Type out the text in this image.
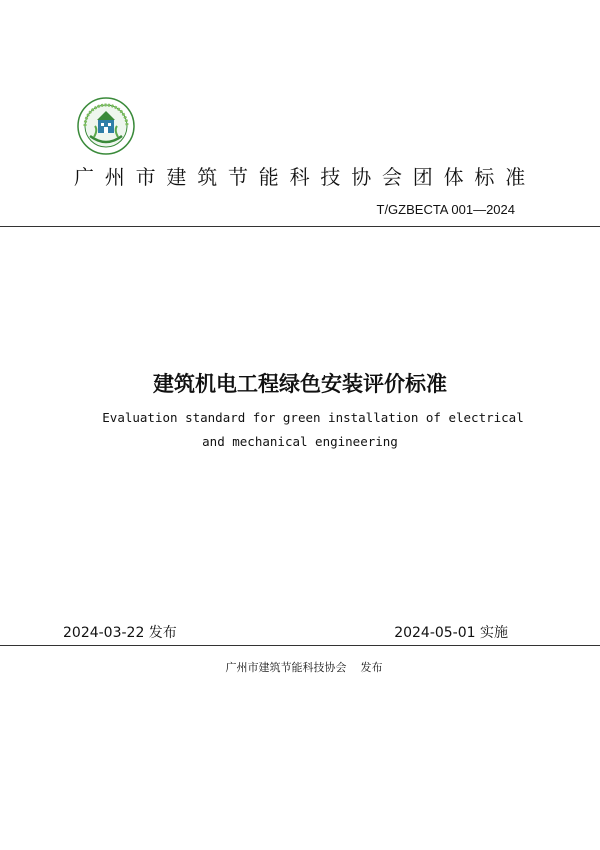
广州市建筑节能科技协会团体标准
T/GZBECTA 001—2024
建筑机电工程绿色安装评价标准
Evaluation standard for green installation of electrical
and mechanical engineering
2024-03-22 发布	2024-05-01 实施
广州市建筑节能科技协会    发布
